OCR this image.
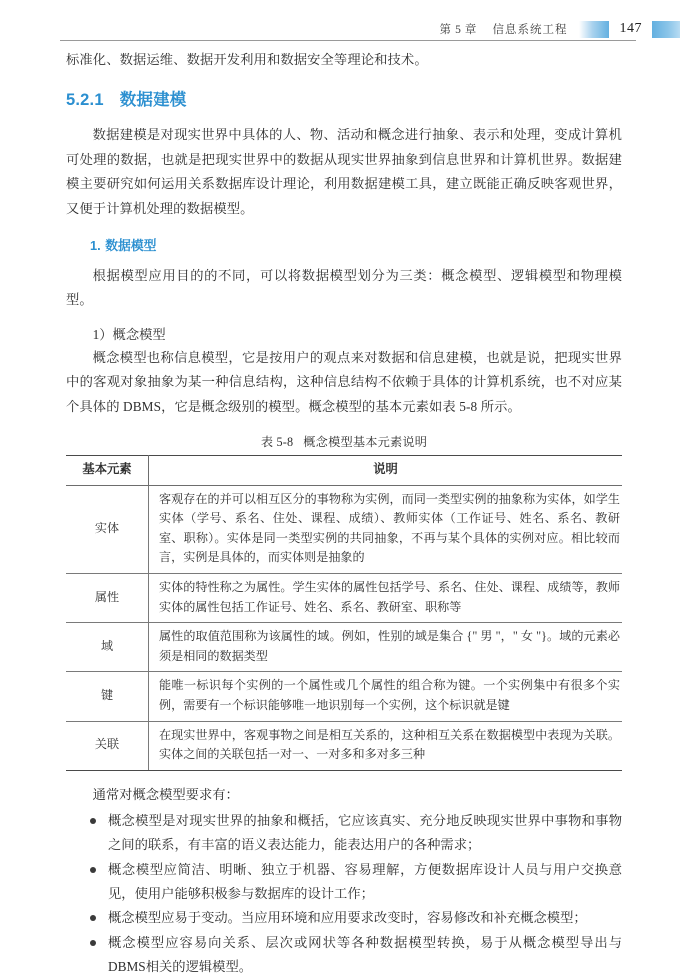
第 5 章 信息系统工程	147

标准化、数据运维、数据开发利用和数据安全等理论和技术。

5.2.1 数据建模

数据建模是对现实世界中具体的人、物、活动和概念进行抽象、表示和处理，变成计算机可处理的数据，也就是把现实世界中的数据从现实世界抽象到信息世界和计算机世界。数据建模主要研究如何运用关系数据库设计理论，利用数据建模工具，建立既能正确反映客观世界，又便于计算机处理的数据模型。

1. 数据模型

根据模型应用目的的不同，可以将数据模型划分为三类：概念模型、逻辑模型和物理模型。

1）概念模型

概念模型也称信息模型，它是按用户的观点来对数据和信息建模，也就是说，把现实世界中的客观对象抽象为某一种信息结构，这种信息结构不依赖于具体的计算机系统，也不对应某个具体的 DBMS，它是概念级别的模型。概念模型的基本元素如表 5-8 所示。

表 5-8 概念模型基本元素说明
基本元素	说明
实体	客观存在的并可以相互区分的事物称为实例，而同一类型实例的抽象称为实体，如学生实体（学号、系名、住处、课程、成绩）、教师实体（工作证号、姓名、系名、教研室、职称）。实体是同一类型实例的共同抽象，不再与某个具体的实例对应。相比较而言，实例是具体的，而实体则是抽象的
属性	实体的特性称之为属性。学生实体的属性包括学号、系名、住处、课程、成绩等，教师实体的属性包括工作证号、姓名、系名、教研室、职称等
域	属性的取值范围称为该属性的域。例如，性别的域是集合 {" 男 "，" 女 "}。域的元素必须是相同的数据类型
键	能唯一标识每个实例的一个属性或几个属性的组合称为键。一个实例集中有很多个实例，需要有一个标识能够唯一地识别每一个实例，这个标识就是键
关联	在现实世界中，客观事物之间是相互关系的，这种相互关系在数据模型中表现为关联。实体之间的关联包括一对一、一对多和多对多三种

通常对概念模型要求有：

概念模型是对现实世界的抽象和概括，它应该真实、充分地反映现实世界中事物和事物之间的联系，有丰富的语义表达能力，能表达用户的各种需求；
概念模型应简洁、明晰、独立于机器、容易理解，方便数据库设计人员与用户交换意见，使用户能够积极参与数据库的设计工作；
概念模型应易于变动。当应用环境和应用要求改变时，容易修改和补充概念模型；
概念模型应容易向关系、层次或网状等各种数据模型转换，易于从概念模型导出与DBMS相关的逻辑模型。
